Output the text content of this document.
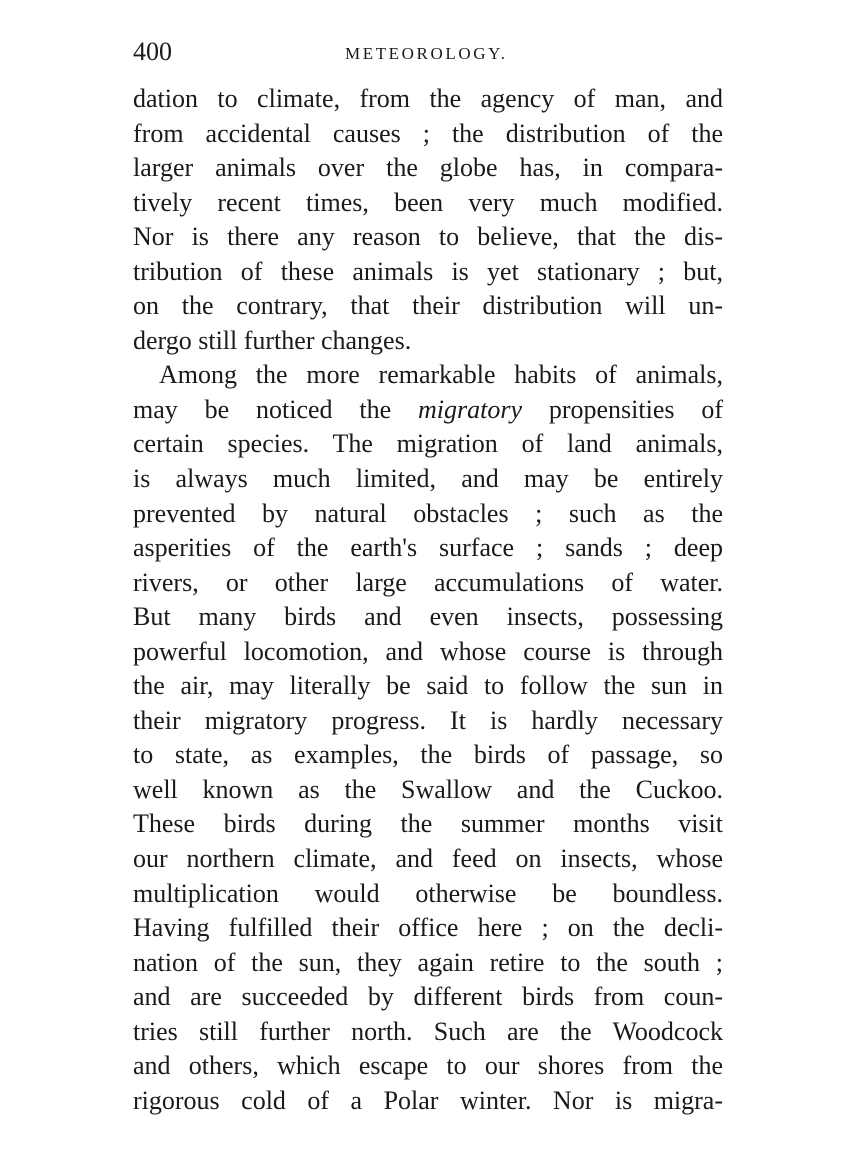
400	METEOROLOGY.
dation to climate, from the agency of man, and
from accidental causes ; the distribution of the
larger animals over the globe has, in compara-
tively recent times, been very much modified.
Nor is there any reason to believe, that the dis-
tribution of these animals is yet stationary ; but,
on the contrary, that their distribution will un-
dergo still further changes.
Among the more remarkable habits of animals,
may be noticed the migratory propensities of
certain species. The migration of land animals,
is always much limited, and may be entirely
prevented by natural obstacles ; such as the
asperities of the earth's surface ; sands ; deep
rivers, or other large accumulations of water.
But many birds and even insects, possessing
powerful locomotion, and whose course is through
the air, may literally be said to follow the sun in
their migratory progress. It is hardly necessary
to state, as examples, the birds of passage, so
well known as the Swallow and the Cuckoo.
These birds during the summer months visit
our northern climate, and feed on insects, whose
multiplication would otherwise be boundless.
Having fulfilled their office here ; on the decli-
nation of the sun, they again retire to the south ;
and are succeeded by different birds from coun-
tries still further north. Such are the Woodcock
and others, which escape to our shores from the
rigorous cold of a Polar winter. Nor is migra-
